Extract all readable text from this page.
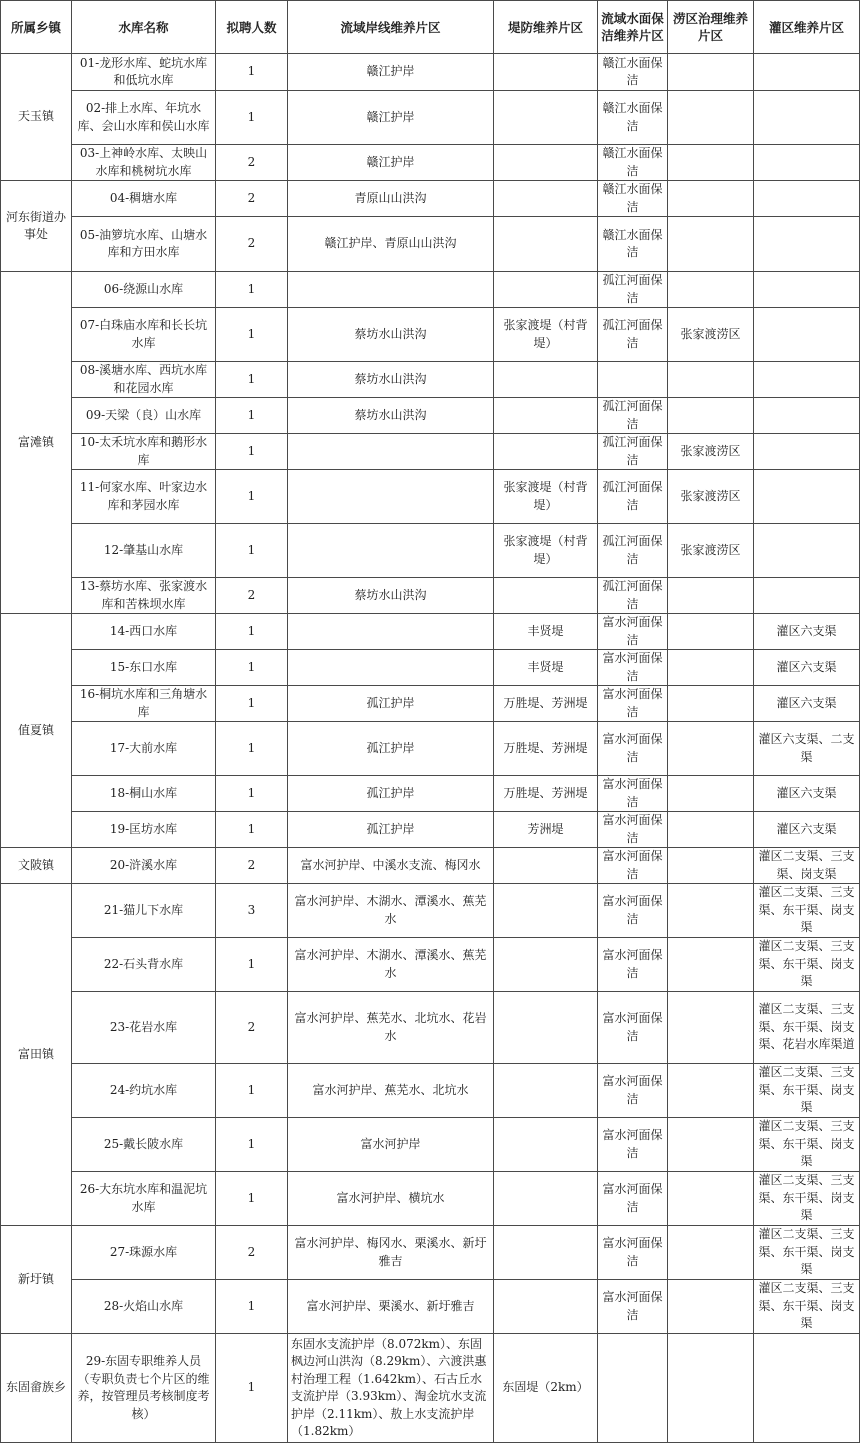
所属乡镇	水库名称	拟聘人数	流域岸线维养片区	堤防维养片区	流域水面保洁维养片区	涝区治理维养片区	灌区维养片区
天玉镇	01-龙形水库、蛇坑水库和低坑水库	1	赣江护岸		赣江水面保洁		
	02-排上水库、年坑水库、会山水库和侯山水库	1	赣江护岸		赣江水面保洁		
	03-上神岭水库、太映山水库和桃树坑水库	2	赣江护岸		赣江水面保洁		
河东街道办事处	04-稠塘水库	2	青原山山洪沟		赣江水面保洁		
	05-油箩坑水库、山塘水库和方田水库	2	赣江护岸、青原山山洪沟		赣江水面保洁		
富滩镇	06-绕源山水库	1			孤江河面保洁		
	07-白珠庙水库和长长坑水库	1	蔡坊水山洪沟	张家渡堤（村背堤）	孤江河面保洁	张家渡涝区	
	08-溪塘水库、西坑水库和花园水库	1	蔡坊水山洪沟				
	09-天梁（良）山水库	1	蔡坊水山洪沟		孤江河面保洁		
	10-太禾坑水库和鹅形水库	1			孤江河面保洁	张家渡涝区	
	11-何家水库、叶家边水库和茅园水库	1		张家渡堤（村背堤）	孤江河面保洁	张家渡涝区	
	12-肇基山水库	1		张家渡堤（村背堤）	孤江河面保洁	张家渡涝区	
	13-蔡坊水库、张家渡水库和苦株坝水库	2	蔡坊水山洪沟		孤江河面保洁		
值夏镇	14-西口水库	1		丰贤堤	富水河面保洁		灌区六支渠
	15-东口水库	1		丰贤堤	富水河面保洁		灌区六支渠
	16-桐坑水库和三角塘水库	1	孤江护岸	万胜堤、芳洲堤	富水河面保洁		灌区六支渠
	17-大前水库	1	孤江护岸	万胜堤、芳洲堤	富水河面保洁		灌区六支渠、二支渠
	18-桐山水库	1	孤江护岸	万胜堤、芳洲堤	富水河面保洁		灌区六支渠
	19-匡坊水库	1	孤江护岸	芳洲堤	富水河面保洁		灌区六支渠
文陂镇	20-浒溪水库	2	富水河护岸、中溪水支流、梅冈水		富水河面保洁		灌区二支渠、三支渠、岗支渠
富田镇	21-猫儿下水库	3	富水河护岸、木湖水、潭溪水、蕉芜水		富水河面保洁		灌区二支渠、三支渠、东干渠、岗支渠
	22-石头背水库	1	富水河护岸、木湖水、潭溪水、蕉芜水		富水河面保洁		灌区二支渠、三支渠、东干渠、岗支渠
	23-花岩水库	2	富水河护岸、蕉芜水、北坑水、花岩水		富水河面保洁		灌区二支渠、三支渠、东干渠、岗支渠、花岩水库渠道
	24-约坑水库	1	富水河护岸、蕉芜水、北坑水		富水河面保洁		灌区二支渠、三支渠、东干渠、岗支渠
	25-戴长陂水库	1	富水河护岸		富水河面保洁		灌区二支渠、三支渠、东干渠、岗支渠
	26-大东坑水库和温泥坑水库	1	富水河护岸、横坑水		富水河面保洁		灌区二支渠、三支渠、东干渠、岗支渠
新圩镇	27-珠源水库	2	富水河护岸、梅冈水、栗溪水、新圩雅吉		富水河面保洁		灌区二支渠、三支渠、东干渠、岗支渠
	28-火焰山水库	1	富水河护岸、栗溪水、新圩雅吉		富水河面保洁		灌区二支渠、三支渠、东干渠、岗支渠
东固畲族乡	29-东固专职维养人员（专职负责七个片区的维养，按管理员考核制度考核）	1	东固水支流护岸（8.072km）、东固枫边河山洪沟（8.29km）、六渡洪惠村治理工程（1.642km）、石古丘水支流护岸（3.93km）、淘金坑水支流护岸（2.11km）、敖上水支流护岸（1.82km）	东固堤（2km）			
